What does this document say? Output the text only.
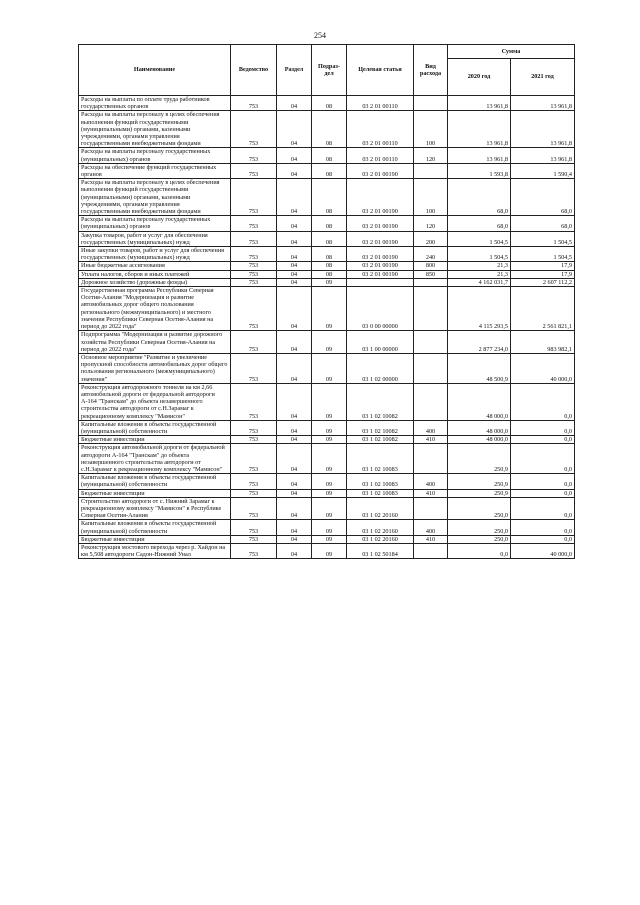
254
Наименование	Ведомство	Раздел	Подраз-дел	Целевая статья	Вид расхода	Сумма	
						2020 год	2021 год
Расходы на выплаты по оплате труда работников государственных органов	753	04	08	03 2 01 00110		13 961,8	13 961,8
Расходы на выплаты персоналу в целях обеспечения выполнения функций государственными (муниципальными) органами, казенными учреждениями, органами управления государственными внебюджетными фондами	753	04	08	03 2 01 00110	100	13 961,8	13 961,8
Расходы на выплаты персоналу государственных (муниципальных) органов	753	04	08	03 2 01 00110	120	13 961,8	13 961,8
Расходы на обеспечение функций государственных органов	753	04	08	03 2 01 00190		1 593,8	1 590,4
Расходы на выплаты персоналу в целях обеспечения выполнения функций государственными (муниципальными) органами, казенными учреждениями, органами управления государственными внебюджетными фондами	753	04	08	03 2 01 00190	100	68,0	68,0
Расходы на выплаты персоналу государственных (муниципальных) органов	753	04	08	03 2 01 00190	120	68,0	68,0
Закупка товаров, работ и услуг для обеспечения государственных (муниципальных) нужд	753	04	08	03 2 01 00190	200	1 504,5	1 504,5
Иные закупки товаров, работ и услуг для обеспечения государственных (муниципальных) нужд	753	04	08	03 2 01 00190	240	1 504,5	1 504,5
Иные бюджетные ассигнования	753	04	08	03 2 01 00190	800	21,3	17,9
Уплата налогов, сборов и иных платежей	753	04	08	03 2 01 00190	850	21,3	17,9
Дорожное хозяйство (дорожные фонды)	753	04	09			4 162 031,7	2 607 112,2
Государственная программа Республики Северная Осетия-Алания "Модернизация и развитие автомобильных дорог общего пользования регионального (межмуниципального) и местного значения Республики Северная Осетия-Алания на период до 2022 года"	753	04	09	03 0 00 00000		4 115 293,5	2 561 821,1
Подпрограмма "Модернизация и развитие дорожного хозяйства Республики Северная Осетия-Алания на период до 2022 года"	753	04	09	03 1 00 00000		2 877 234,0	983 982,1
Основное мероприятие "Развитие и увеличение пропускной способности автомобильных дорог общего пользования регионального (межмуниципального) значения"	753	04	09	03 1 02 00000		48 500,9	40 000,0
Реконструкция автодорожного тоннеля на км 2,66 автомобильной дороги от федеральной автодороги А-164 "Транскам" до объекта незавершенного строительства автодороги от с.Н.Зарамаг к рекреационному комплексу "Мамисон"	753	04	09	03 1 02 10082		48 000,0	0,0
Капитальные вложения в объекты государственной (муниципальной) собственности	753	04	09	03 1 02 10082	400	48 000,0	0,0
Бюджетные инвестиции	753	04	09	03 1 02 10082	410	48 000,0	0,0
Реконструкция автомобильной дороги от федеральной автодороги А-164 "Транскам" до объекта незавершенного строительства автодороги от с.Н.Зарамаг к рекреационному комплексу "Мамисон"	753	04	09	03 1 02 10083		250,9	0,0
Капитальные вложения в объекты государственной (муниципальной) собственности	753	04	09	03 1 02 10083	400	250,9	0,0
Бюджетные инвестиции	753	04	09	03 1 02 10083	410	250,9	0,0
Строительство автодороги от с. Нижний Зарамаг к рекреационному комплексу "Мамисон" в Республике Северная Осетия-Алания	753	04	09	03 1 02 20160		250,0	0,0
Капитальные вложения в объекты государственной (муниципальной) собственности	753	04	09	03 1 02 20160	400	250,0	0,0
Бюджетные инвестиции	753	04	09	03 1 02 20160	410	250,0	0,0
Реконструкция мостового перехода через р. Хайдон на км 5,508 автодороги Садон-Нижний Унал	753	04	09	03 1 02 50184		0,0	40 000,0
